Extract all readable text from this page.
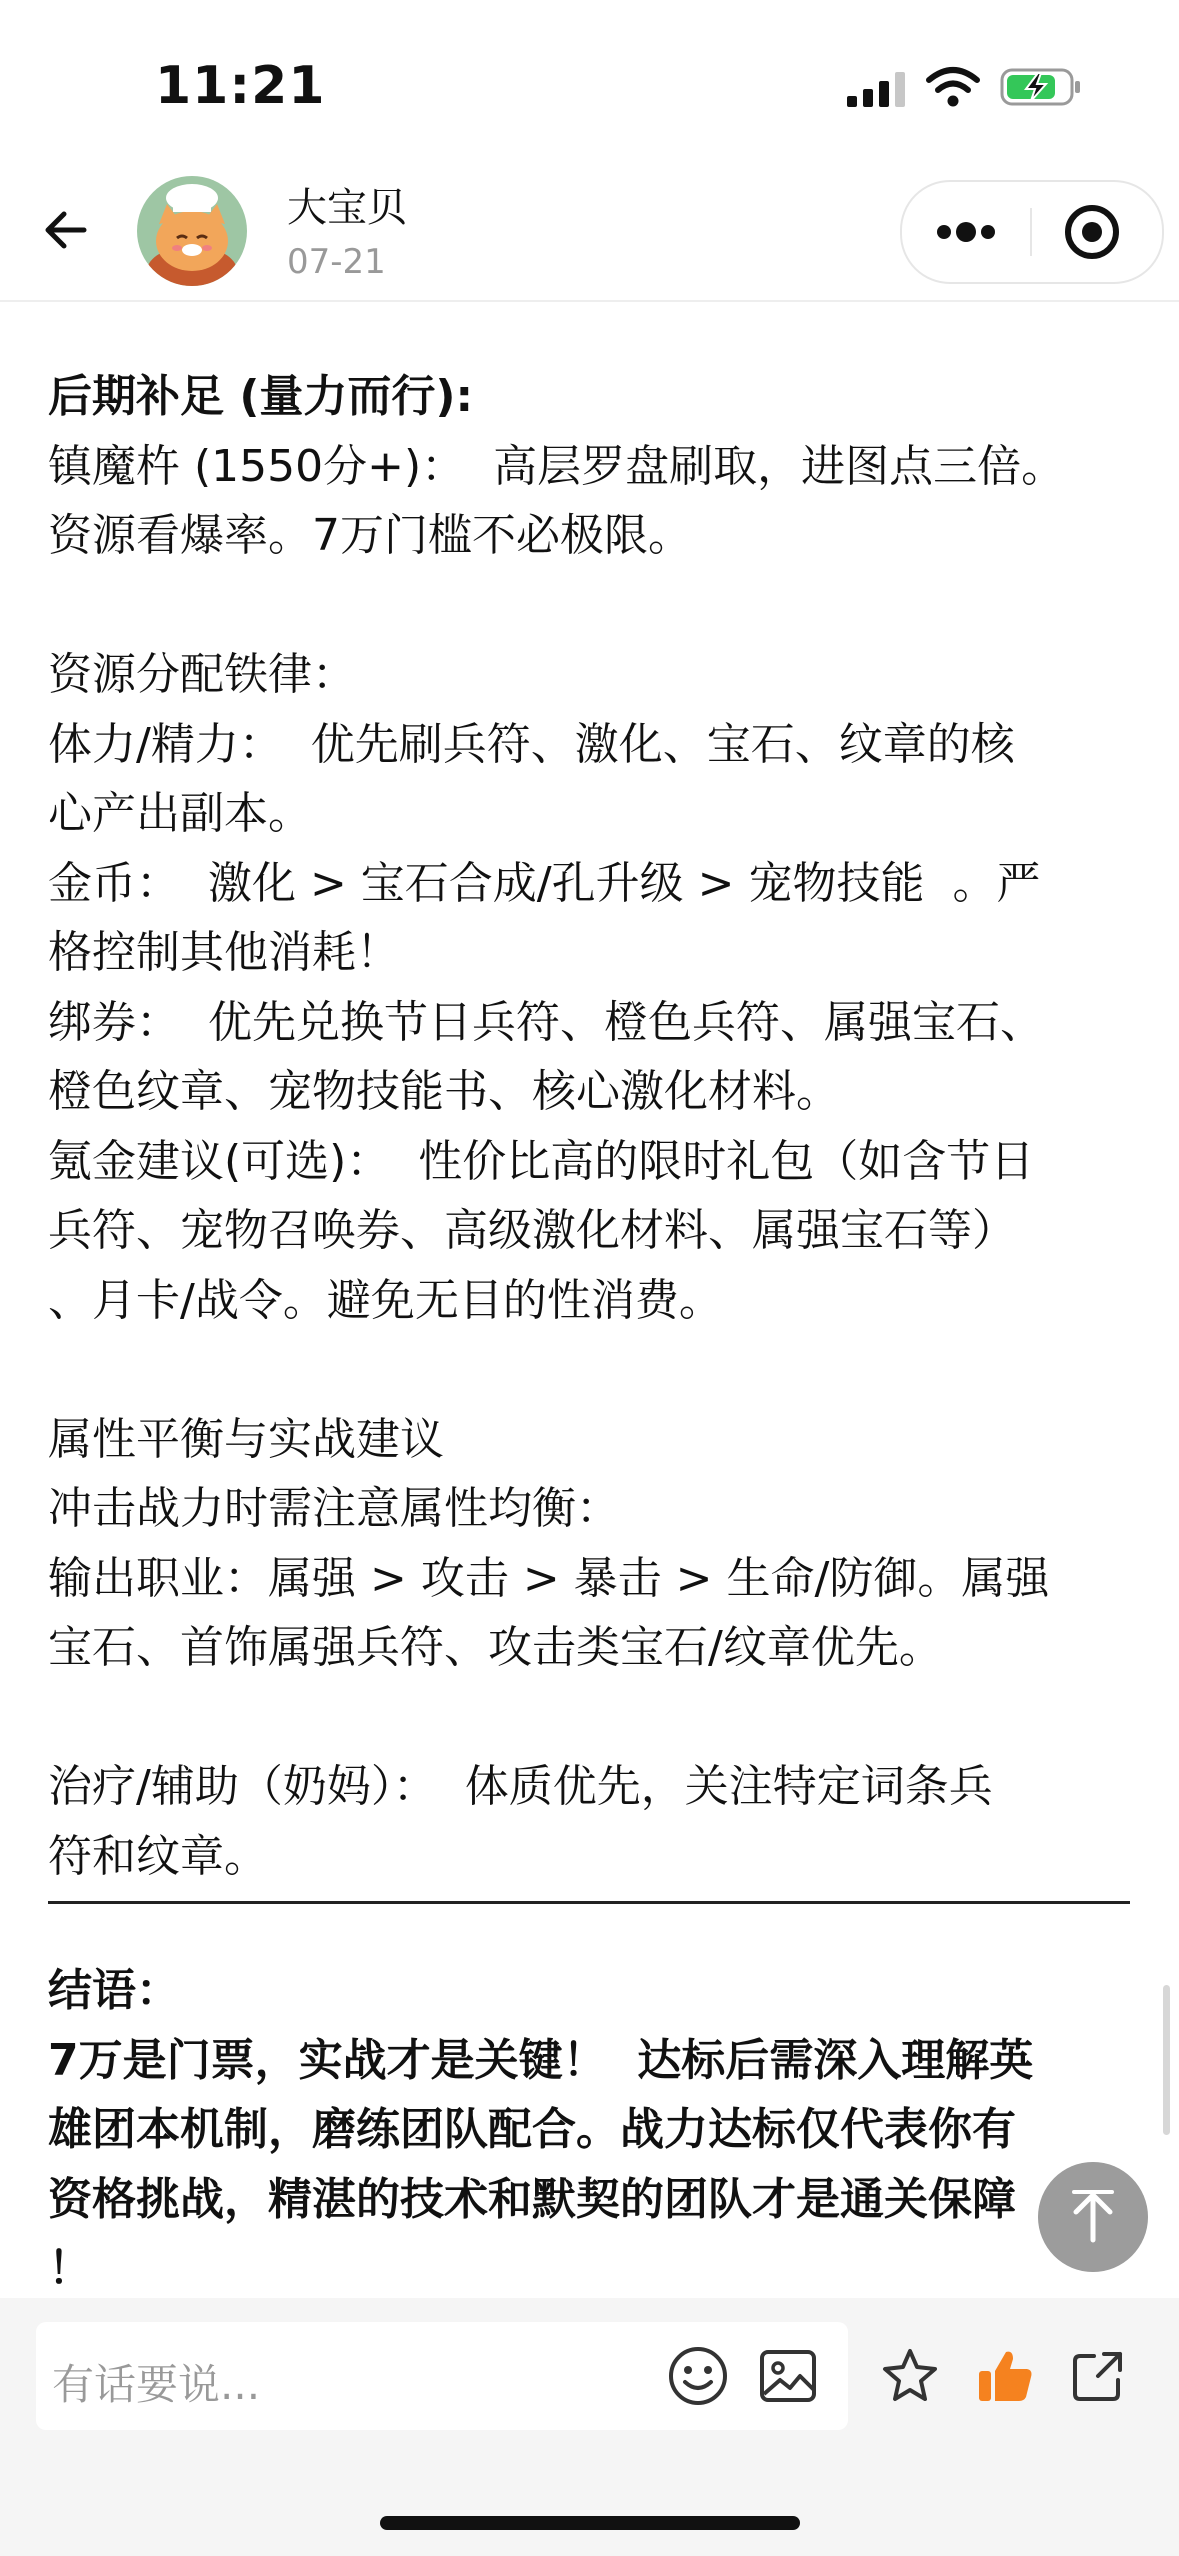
11:21
大宝贝
07-21

后期补足 (量力而行):

镇魔杵 (1550分+)：  高层罗盘刷取，进图点三倍。

资源看爆率。7万门槛不必极限。

资源分配铁律：

体力/精力：  优先刷兵符、激化、宝石、纹章的核

心产出副本。

金币：  激化 > 宝石合成/孔升级 > 宠物技能  。严

格控制其他消耗！

绑券：  优先兑换节日兵符、橙色兵符、属强宝石、

橙色纹章、宠物技能书、核心激化材料。

氪金建议(可选)：  性价比高的限时礼包（如含节日

兵符、宠物召唤券、高级激化材料、属强宝石等）

、月卡/战令。避免无目的性消费。

属性平衡与实战建议

冲击战力时需注意属性均衡：

输出职业：属强 > 攻击 > 暴击 > 生命/防御。属强

宝石、首饰属强兵符、攻击类宝石/纹章优先。

治疗/辅助（奶妈）：  体质优先，关注特定词条兵

符和纹章。

结语：

7万是门票，实战才是关键！  达标后需深入理解英

雄团本机制，磨练团队配合。战力达标仅代表你有

资格挑战，精湛的技术和默契的团队才是通关保障

！

有话要说...
